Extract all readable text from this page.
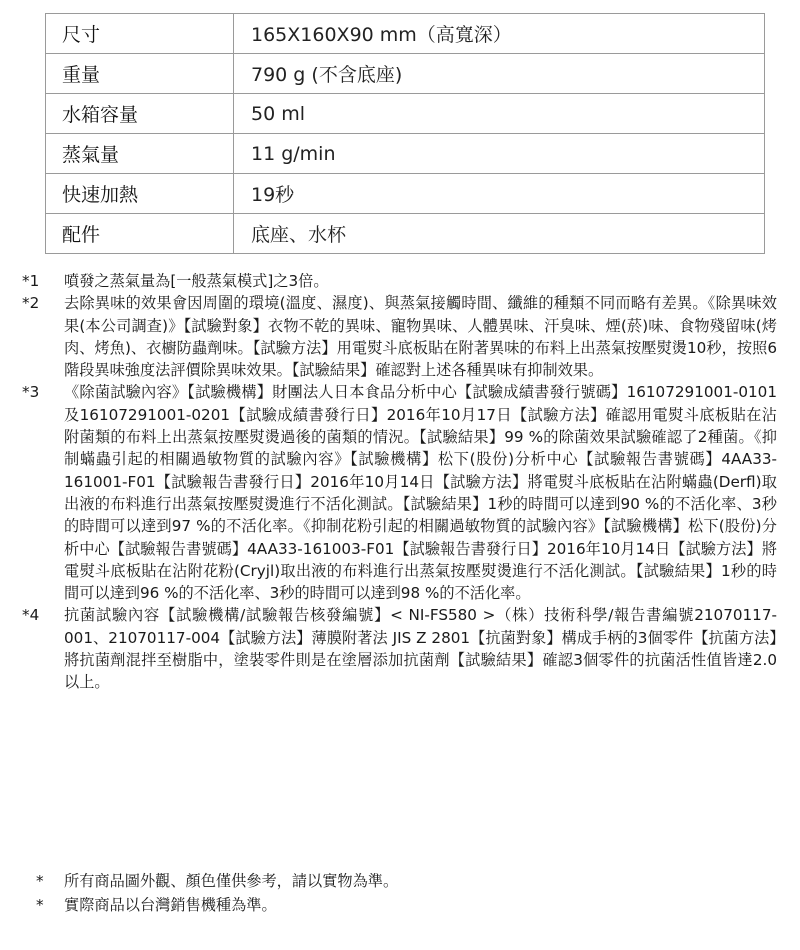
尺寸	165X160X90 mm（高寬深）
重量	790 g (不含底座)
水箱容量	50 ml
蒸氣量	11 g/min
快速加熱	19秒
配件	底座、水杯
*1	噴發之蒸氣量為[一般蒸氣模式]之3倍。
*2	去除異味的效果會因周圍的環境(溫度、濕度)、與蒸氣接觸時間、纖維的種類不同而略有差異。《除異味效果(本公司調查)》【試驗對象】衣物不乾的異味、寵物異味、人體異味、汗臭味、煙(菸)味、食物殘留味(烤肉、烤魚)、衣櫥防蟲劑味。【試驗方法】用電熨斗底板貼在附著異味的布料上出蒸氣按壓熨燙10秒，按照6階段異味強度法評價除異味效果。【試驗結果】確認對上述各種異味有抑制效果。
*3	《除菌試驗內容》【試驗機構】財團法人日本食品分析中心【試驗成績書發行號碼】16107291001-0101及16107291001-0201【試驗成績書發行日】2016年10月17日【試驗方法】確認用電熨斗底板貼在沾附菌類的布料上出蒸氣按壓熨燙過後的菌類的情況。【試驗結果】99 %的除菌效果試驗確認了2種菌。《抑制蟎蟲引起的相關過敏物質的試驗內容》【試驗機構】松下(股份)分析中心【試驗報告書號碼】4AA33-161001-F01【試驗報告書發行日】2016年10月14日【試驗方法】將電熨斗底板貼在沾附蟎蟲(Derfl)取出液的布料進行出蒸氣按壓熨燙進行不活化測試。【試驗結果】1秒的時間可以達到90 %的不活化率、3秒的時間可以達到97 %的不活化率。《抑制花粉引起的相關過敏物質的試驗內容》【試驗機構】松下(股份)分析中心【試驗報告書號碼】4AA33-161003-F01【試驗報告書發行日】2016年10月14日【試驗方法】將電熨斗底板貼在沾附花粉(Cryjl)取出液的布料進行出蒸氣按壓熨燙進行不活化測試。【試驗結果】1秒的時間可以達到96 %的不活化率、3秒的時間可以達到98 %的不活化率。
*4	抗菌試驗內容【試驗機構/試驗報告核發編號】< NI-FS580 >（株）技術科學/報告書編號21070117-001、21070117-004【試驗方法】薄膜附著法 JIS Z 2801【抗菌對象】構成手柄的3個零件【抗菌方法】將抗菌劑混拌至樹脂中，塗裝零件則是在塗層添加抗菌劑【試驗結果】確認3個零件的抗菌活性值皆達2.0以上。
*	所有商品圖外觀、顏色僅供參考，請以實物為準。
*	實際商品以台灣銷售機種為準。
